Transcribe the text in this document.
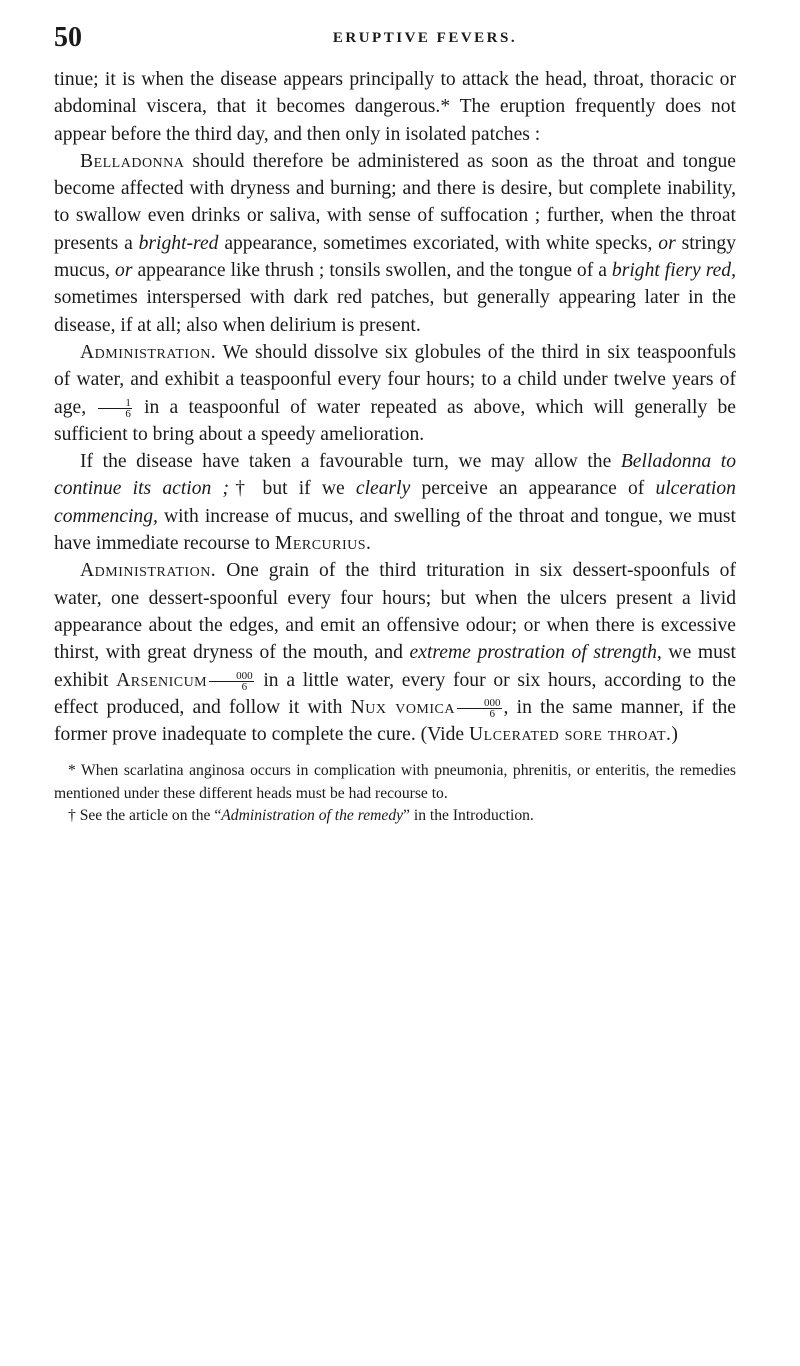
50	ERUPTIVE FEVERS.

tinue; it is when the disease appears principally to attack the head, throat, thoracic or abdominal viscera, that it becomes dangerous.* The eruption frequently does not appear before the third day, and then only in isolated patches :

Belladonna should therefore be administered as soon as the throat and tongue become affected with dryness and burning; and there is desire, but complete inability, to swallow even drinks or saliva, with sense of suffocation ; further, when the throat presents a bright-red appearance, sometimes excoriated, with white specks, or stringy mucus, or appearance like thrush ; tonsils swollen, and the tongue of a bright fiery red, sometimes interspersed with dark red patches, but generally appearing later in the disease, if at all; also when delirium is present.

Administration. We should dissolve six globules of the third in six teaspoonfuls of water, and exhibit a teaspoonful every four hours; to a child under twelve years of age, $\frac{1}{6}$ in a teaspoonful of water repeated as above, which will generally be sufficient to bring about a speedy amelioration.

If the disease have taken a favourable turn, we may allow the Belladonna to continue its action ;† but if we clearly perceive an appearance of ulceration commencing, with increase of mucus, and swelling of the throat and tongue, we must have immediate recourse to Mercurius.

Administration. One grain of the third trituration in six dessert-spoonfuls of water, one dessert-spoonful every four hours; but when the ulcers present a livid appearance about the edges, and emit an offensive odour; or when there is excessive thirst, with great dryness of the mouth, and extreme prostration of strength, we must exhibit Arsenicum $\frac{000}{6}$ in a little water, every four or six hours, according to the effect produced, and follow it with Nux vomica $\frac{000}{6}$ , in the same manner, if the former prove inadequate to complete the cure. (Vide Ulcerated sore throat.)

* When scarlatina anginosa occurs in complication with pneumonia, phrenitis, or enteritis, the remedies mentioned under these different heads must be had recourse to.

† See the article on the “Administration of the remedy” in the Introduction.
